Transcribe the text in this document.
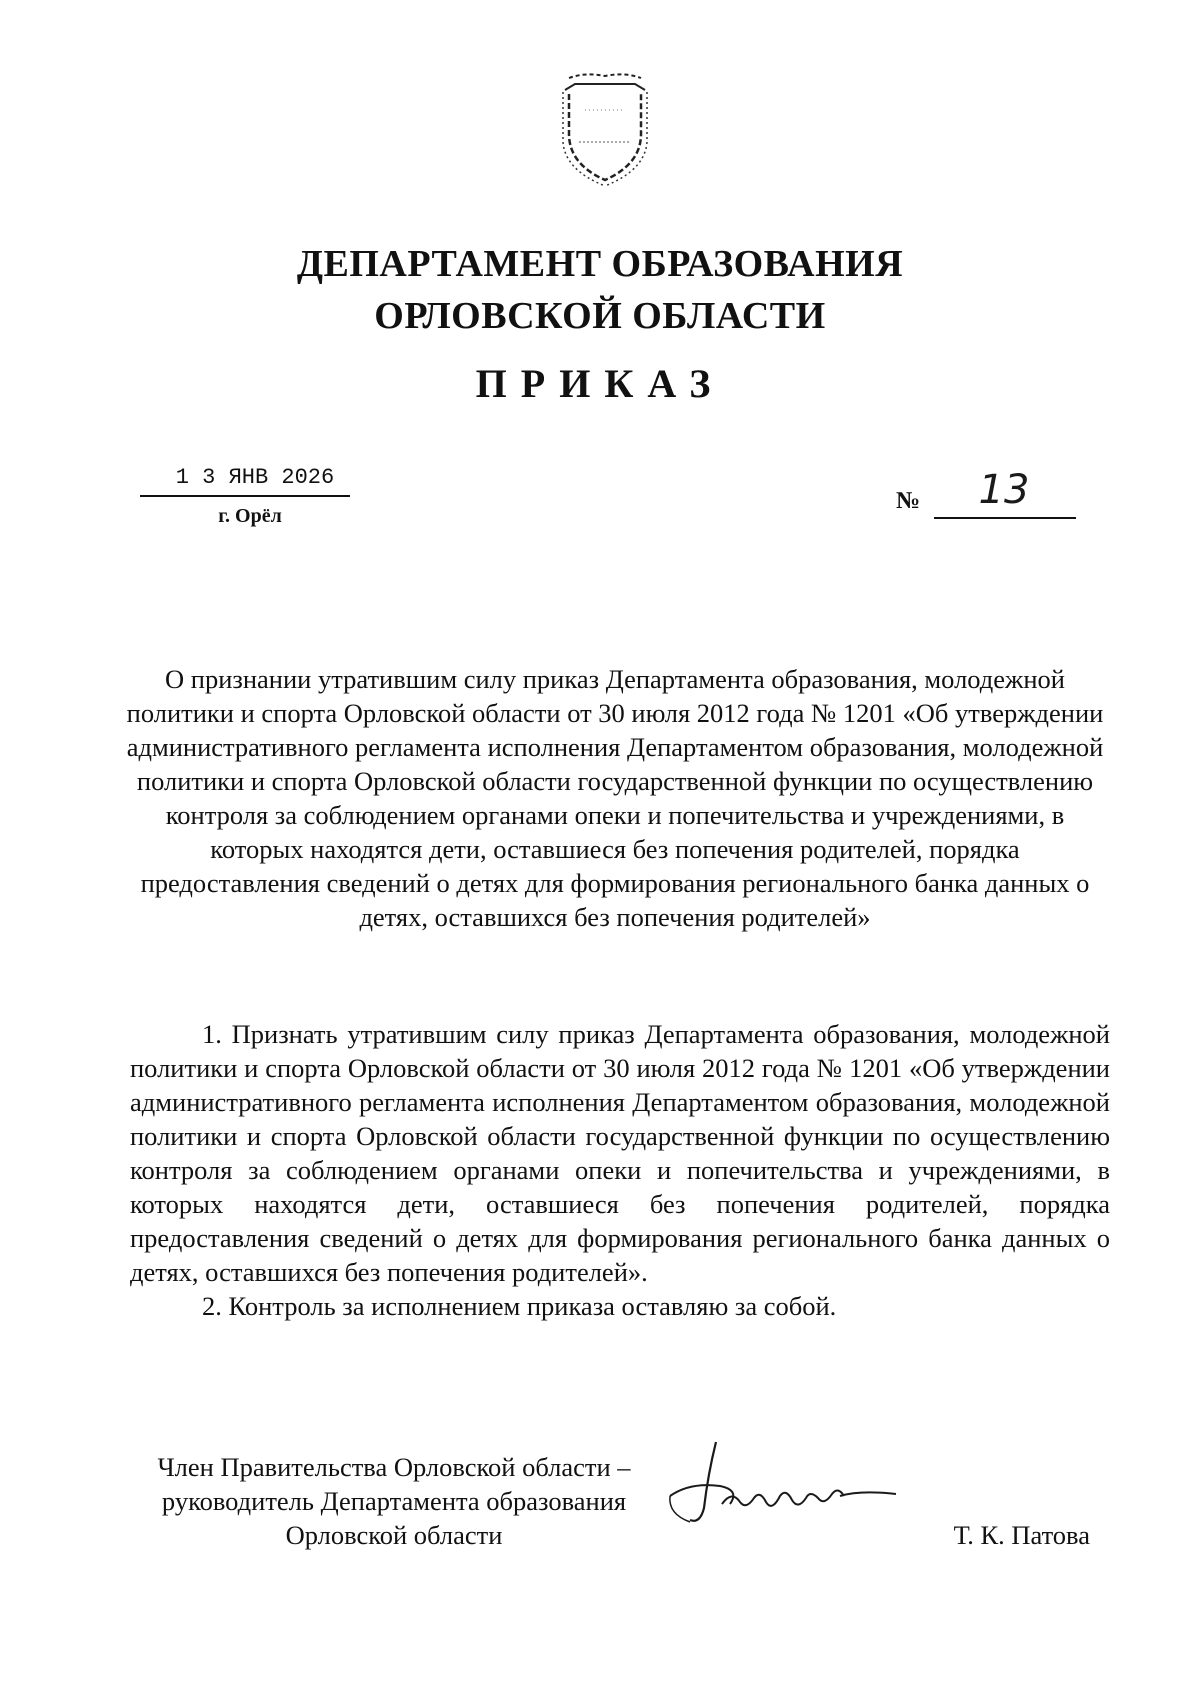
ДЕПАРТАМЕНТ ОБРАЗОВАНИЯ
ОРЛОВСКОЙ ОБЛАСТИ
ПРИКАЗ
1 3 ЯНВ 2026
г. Орёл
№	13
О признании утратившим силу приказ Департамента образования, молодежной политики и спорта Орловской области от 30 июля 2012 года № 1201 «Об утверждении административного регламента исполнения Департаментом образования, молодежной политики и спорта Орловской области государственной функции по осуществлению контроля за соблюдением органами опеки и попечительства и учреждениями, в которых находятся дети, оставшиеся без попечения родителей, порядка предоставления сведений о детях для формирования регионального банка данных о детях, оставшихся без попечения родителей»

1. Признать утратившим силу приказ Департамента образования, молодежной политики и спорта Орловской области от 30 июля 2012 года № 1201 «Об утверждении административного регламента исполнения Департаментом образования, молодежной политики и спорта Орловской области государственной функции по осуществлению контроля за соблюдением органами опеки и попечительства и учреждениями, в которых находятся дети, оставшиеся без попечения родителей, порядка предоставления сведений о детях для формирования регионального банка данных о детях, оставшихся без попечения родителей».

2. Контроль за исполнением приказа оставляю за собой.

Член Правительства Орловской области –
руководитель Департамента образования
Орловской области	Т. К. Патова
